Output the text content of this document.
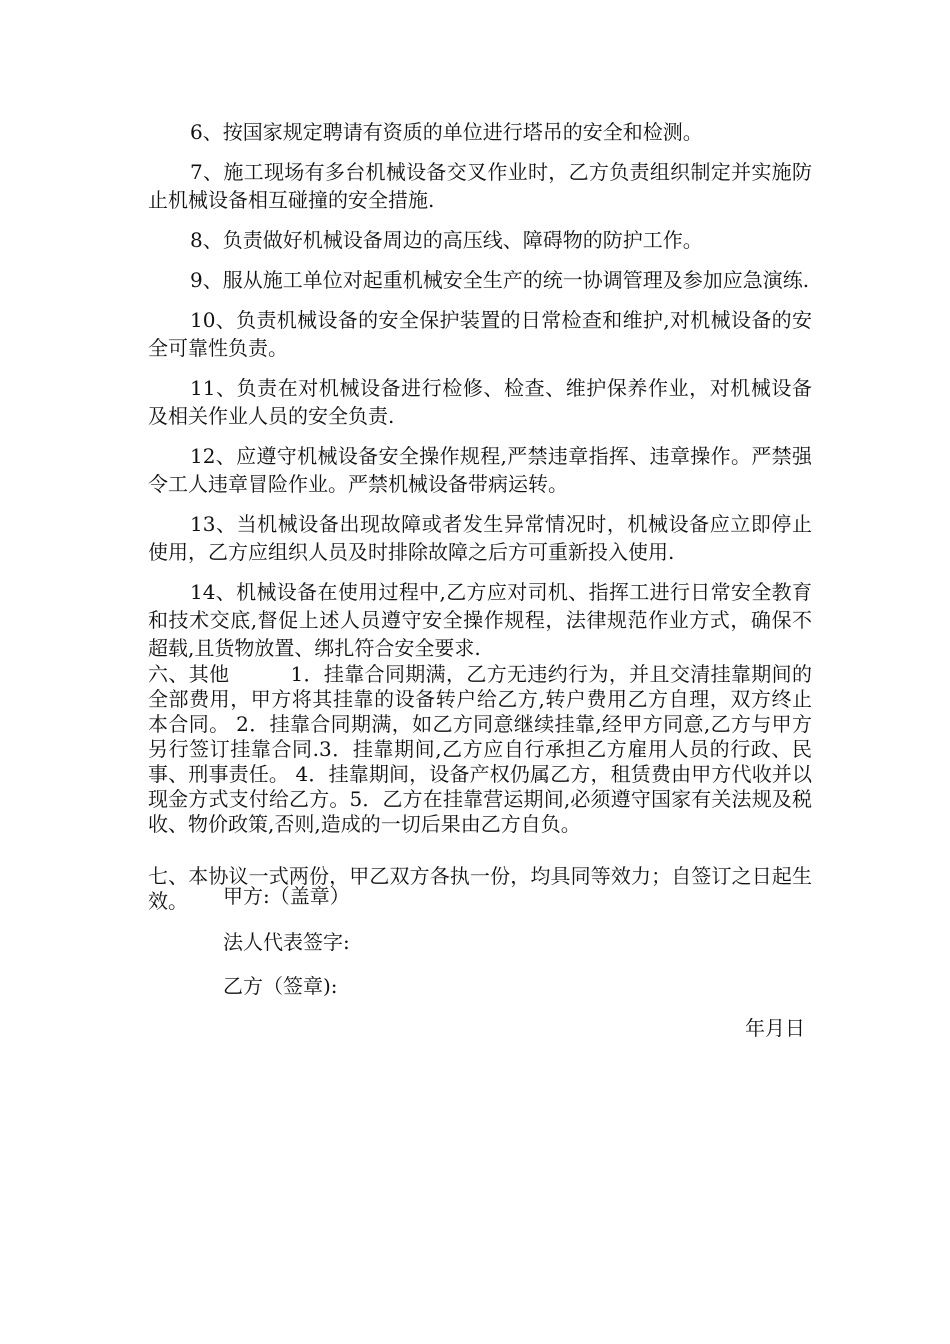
6、按国家规定聘请有资质的单位进行塔吊的安全和检测。

7、施工现场有多台机械设备交叉作业时，乙方负责组织制定并实施防止机械设备相互碰撞的安全措施.

8、负责做好机械设备周边的高压线、障碍物的防护工作。

9、服从施工单位对起重机械安全生产的统一协调管理及参加应急演练.

10、负责机械设备的安全保护装置的日常检查和维护,对机械设备的安全可靠性负责。

11、负责在对机械设备进行检修、检查、维护保养作业，对机械设备及相关作业人员的安全负责.

12、应遵守机械设备安全操作规程,严禁违章指挥、违章操作。严禁强令工人违章冒险作业。严禁机械设备带病运转。

13、当机械设备出现故障或者发生异常情况时，机械设备应立即停止使用，乙方应组织人员及时排除故障之后方可重新投入使用.

14、机械设备在使用过程中,乙方应对司机、指挥工进行日常安全教育和技术交底,督促上述人员遵守安全操作规程，法律规范作业方式，确保不超载,且货物放置、绑扎符合安全要求.

六、其他　　　1．挂靠合同期满，乙方无违约行为，并且交清挂靠期间的全部费用，甲方将其挂靠的设备转户给乙方,转户费用乙方自理，双方终止本合同。 2．挂靠合同期满，如乙方同意继续挂靠,经甲方同意,乙方与甲方另行签订挂靠合同.3．挂靠期间,乙方应自行承担乙方雇用人员的行政、民事、刑事责任。 4．挂靠期间，设备产权仍属乙方，租赁费由甲方代收并以现金方式支付给乙方。5．乙方在挂靠营运期间,必须遵守国家有关法规及税收、物价政策,否则,造成的一切后果由乙方自负。

七、本协议一式两份，甲乙双方各执一份，均具同等效力；自签订之日起生效。	甲方:（盖章）

法人代表签字:

乙方（签章):

年月日
